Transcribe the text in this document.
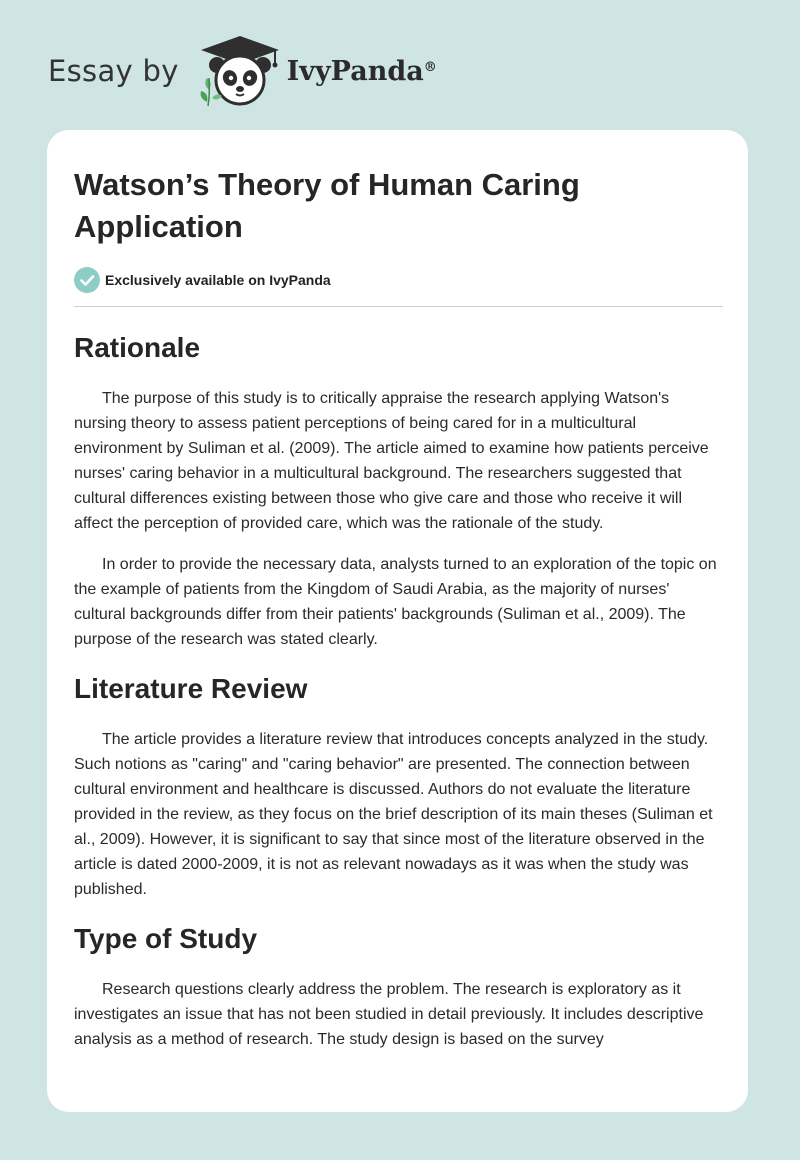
Essay by	IvyPanda®
Watson’s Theory of Human Caring
Application
Exclusively available on IvyPanda
Rationale

The purpose of this study is to critically appraise the research applying Watson's nursing theory to assess patient perceptions of being cared for in a multicultural environment by Suliman et al. (2009). The article aimed to examine how patients perceive nurses' caring behavior in a multicultural background. The researchers suggested that cultural differences existing between those who give care and those who receive it will affect the perception of provided care, which was the rationale of the study.

In order to provide the necessary data, analysts turned to an exploration of the topic on the example of patients from the Kingdom of Saudi Arabia, as the majority of nurses' cultural backgrounds differ from their patients' backgrounds (Suliman et al., 2009). The purpose of the research was stated clearly.

Literature Review

The article provides a literature review that introduces concepts analyzed in the study. Such notions as "caring" and "caring behavior" are presented. The connection between cultural environment and healthcare is discussed. Authors do not evaluate the literature provided in the review, as they focus on the brief description of its main theses (Suliman et al., 2009). However, it is significant to say that since most of the literature observed in the article is dated 2000-2009, it is not as relevant nowadays as it was when the study was published.

Type of Study

Research questions clearly address the problem. The research is exploratory as it investigates an issue that has not been studied in detail previously. It includes descriptive analysis as a method of research. The study design is based on the survey
